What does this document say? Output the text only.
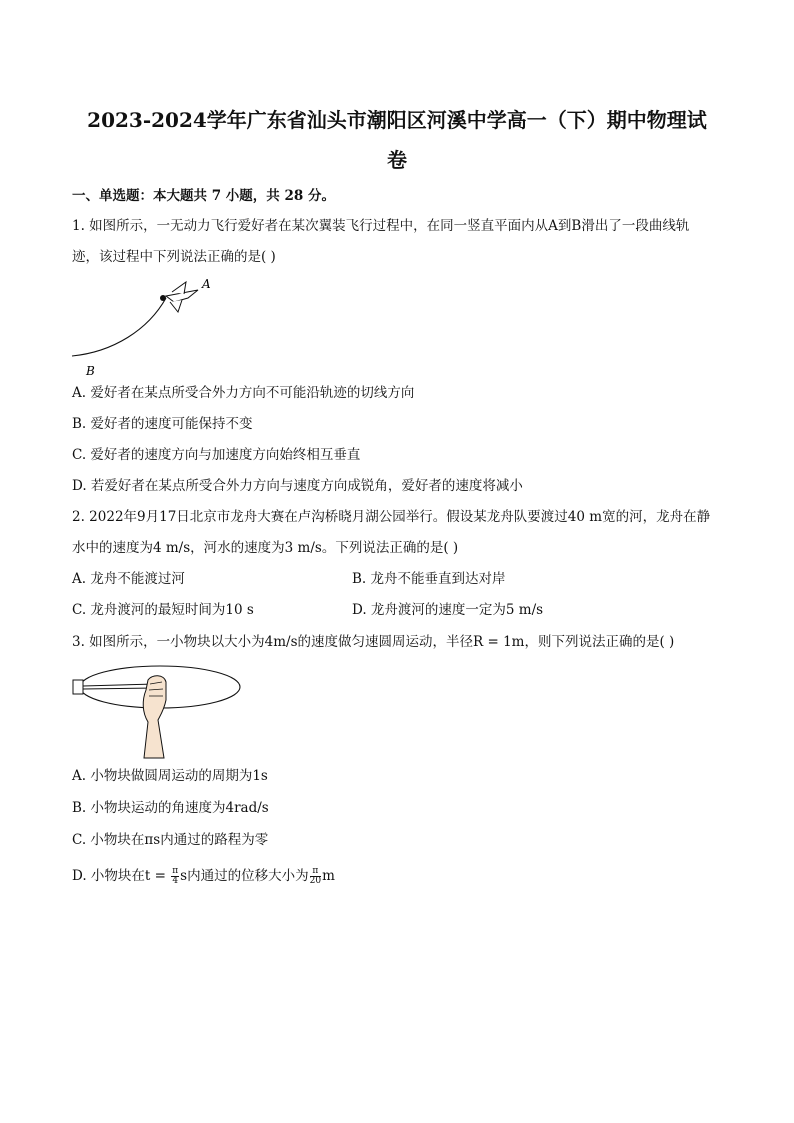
2023-2024学年广东省汕头市潮阳区河溪中学高一（下）期中物理试
卷
一、单选题：本大题共 7 小题，共 28 分。
1. 如图所示，一无动力飞行爱好者在某次翼装飞行过程中，在同一竖直平面内从A到B滑出了一段曲线轨
迹，该过程中下列说法正确的是( )
A
B
A. 爱好者在某点所受合外力方向不可能沿轨迹的切线方向
B. 爱好者的速度可能保持不变
C. 爱好者的速度方向与加速度方向始终相互垂直
D. 若爱好者在某点所受合外力方向与速度方向成锐角，爱好者的速度将减小
2. 2022年9月17日北京市龙舟大赛在卢沟桥晓月湖公园举行。假设某龙舟队要渡过40 m宽的河，龙舟在静
水中的速度为4 m/s，河水的速度为3 m/s。下列说法正确的是( )
A. 龙舟不能渡过河	B. 龙舟不能垂直到达对岸
C. 龙舟渡河的最短时间为10 s	D. 龙舟渡河的速度一定为5 m/s
3. 如图所示，一小物块以大小为4m/s的速度做匀速圆周运动，半径R = 1m，则下列说法正确的是( )
A. 小物块做圆周运动的周期为1s
B. 小物块运动的角速度为4rad/s
C. 小物块在πs内通过的路程为零
D. 小物块在$t = \frac{\pi}{4}$ s内通过的位移大小为 $\frac{\pi}{20}$ m
